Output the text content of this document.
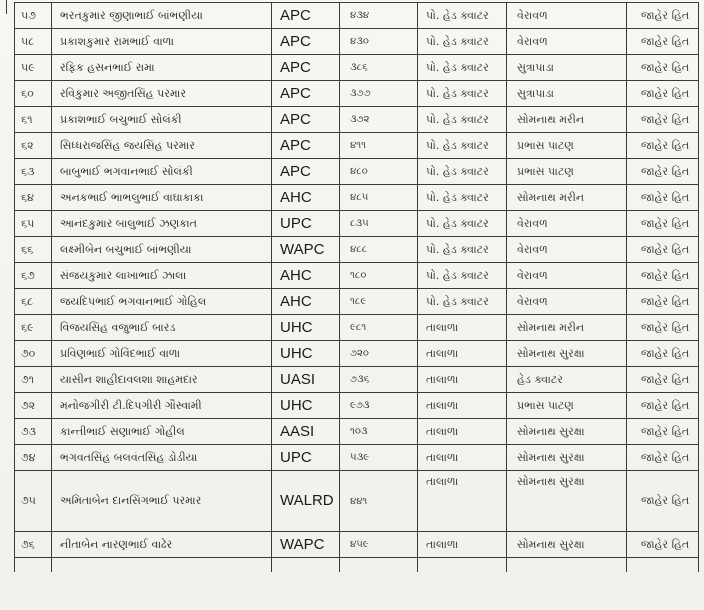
૫૭	ભરતકુમાર જીણાભાઈ બાંભણીયા	APC	૪૩૪	પો. હેડ ક્વાટર	વેરાવળ	જાહેર હિત
૫૮	પ્રકાશકુમાર રામભાઈ વાળા	APC	૪૩૦	પો. હેડ ક્વાટર	વેરાવળ	જાહેર હિત
૫૯	રફિક હસનભાઈ રામા	APC	૩૮૬	પો. હેડ ક્વાટર	સુત્રાપાડા	જાહેર હિત
૬૦	રવિકુમાર અજીતસિંહ પરમાર	APC	૩૭૭	પો. હેડ ક્વાટર	સુત્રાપાડા	જાહેર હિત
૬૧	પ્રકાશભાઈ બચુભાઈ સોલંકી	APC	૩૭૨	પો. હેડ ક્વાટર	સોમનાથ મરીન	જાહેર હિત
૬૨	સિધ્ધરાજસિંહ જયસિંહ પરમાર	APC	૪૧૧	પો. હેડ ક્વાટર	પ્રભાસ પાટણ	જાહેર હિત
૬૩	બાબુભાઈ ભગવાનભાઈ સોલંકી	APC	૪૮૦	પો. હેડ ક્વાટર	પ્રભાસ પાટણ	જાહેર હિત
૬૪	અનકભાઈ ભાભલુભાઈ વાઘાકાકા	AHC	૪૮૫	પો. હેડ ક્વાટર	સોમનાથ મરીન	જાહેર હિત
૬૫	આનંદકુમાર બાલુભાઈ ઝણકાત	UPC	૮૩૫	પો. હેડ ક્વાટર	વેરાવળ	જાહેર હિત
૬૬	લક્ષ્મીબેન બચુભાઈ બાંભણીયા	WAPC	૪૮૮	પો. હેડ ક્વાટર	વેરાવળ	જાહેર હિત
૬૭	સંજયકુમાર લાખાભાઈ ઝાલા	AHC	૧૮૦	પો. હેડ ક્વાટર	વેરાવળ	જાહેર હિત
૬૮	જયદિપભાઈ ભગવાનભાઈ ગોહિલ	AHC	૧૮૯	પો. હેડ ક્વાટર	વેરાવળ	જાહેર હિત
૬૯	વિજયસિંહ વજુભાઈ બારડ	UHC	૯૮૧	તાલાળા	સોમનાથ મરીન	જાહેર હિત
૭૦	પ્રવિણભાઈ ગોવિંદભાઈ વાળા	UHC	૭૨૦	તાલાળા	સોમનાથ સુરક્ષા	જાહેર હિત
૭૧	યાસીન શાહીદાવલશા શાહમદાર	UASI	૭૩૬	તાલાળા	હેડ ક્વાટર	જાહેર હિત
૭૨	મનોજગીરી ટી.દિપગીરી ગૌસ્વામી	UHC	૯૭૩	તાલાળા	પ્રભાસ પાટણ	જાહેર હિત
૭૩	કાન્તીભાઈ સણાભાઈ ગોહીલ	AASI	૧૦૩	તાલાળા	સોમનાથ સુરક્ષા	જાહેર હિત
૭૪	ભગવતસિંહ બલવંતસિંહ ડોડીયા	UPC	૫૩૯	તાલાળા	સોમનાથ સુરક્ષા	જાહેર હિત
૭૫	અમિતાબેન દાનસિંગભાઈ પરમાર	WALRD	૪૪૧	તાલાળા	સોમનાથ સુરક્ષા	જાહેર હિત
૭૬	નીતાબેન નારણભાઈ વાઢેર	WAPC	૪૫૯	તાલાળા	સોમનાથ સુરક્ષા	જાહેર હિત
